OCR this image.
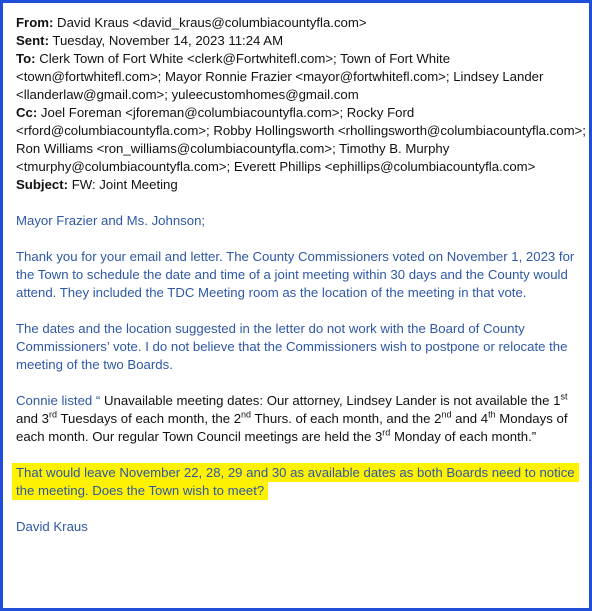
From: David Kraus <david_kraus@columbiacountyfla.com>

Sent: Tuesday, November 14, 2023 11:24 AM

To: Clerk Town of Fort White <clerk@Fortwhitefl.com>; Town of Fort White <town@fortwhitefl.com>; Mayor Ronnie Frazier <mayor@fortwhitefl.com>; Lindsey Lander <llanderlaw@gmail.com>; yuleecustomhomes@gmail.com

Cc: Joel Foreman <jforeman@columbiacountyfla.com>; Rocky Ford <rford@columbiacountyfla.com>; Robby Hollingsworth <rhollingsworth@columbiacountyfla.com>; Ron Williams <ron_williams@columbiacountyfla.com>; Timothy B. Murphy <tmurphy@columbiacountyfla.com>; Everett Phillips <ephillips@columbiacountyfla.com>

Subject: FW: Joint Meeting

Mayor Frazier and Ms. Johnson;

Thank you for your email and letter. The County Commissioners voted on November 1, 2023 for the Town to schedule the date and time of a joint meeting within 30 days and the County would attend. They included the TDC Meeting room as the location of the meeting in that vote.

The dates and the location suggested in the letter do not work with the Board of County Commissioners’ vote. I do not believe that the Commissioners wish to postpone or relocate the meeting of the two Boards.

Connie listed “ Unavailable meeting dates: Our attorney, Lindsey Lander is not available the 1st and 3rd Tuesdays of each month, the 2nd Thurs. of each month, and the 2nd and 4th Mondays of each month. Our regular Town Council meetings are held the 3rd Monday of each month.”

That would leave November 22, 28, 29 and 30 as available dates as both Boards need to notice the meeting. Does the Town wish to meet?

David Kraus
